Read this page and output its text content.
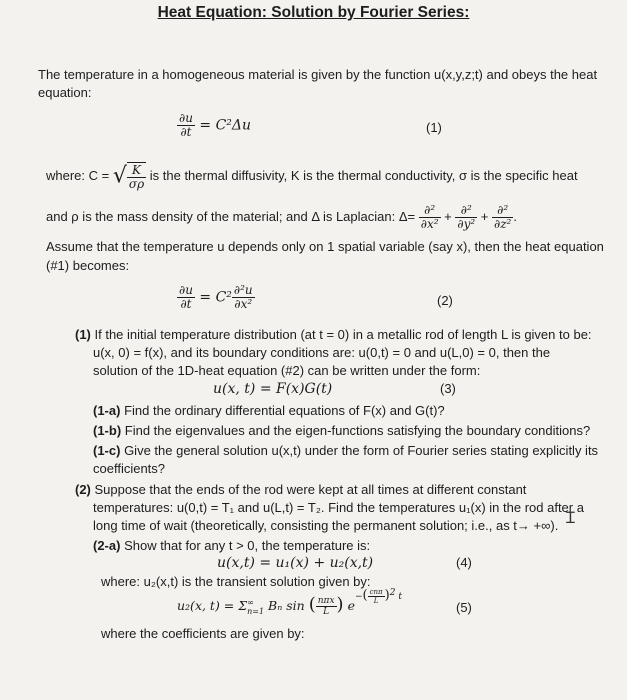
Heat Equation: Solution by Fourier Series:
The temperature in a homogeneous material is given by the function u(x,y,z;t) and obeys the heat
equation:
$\frac{\partial u}{\partial t} = C^2\Delta u$	(1)
where: C = √ $\frac{K}{\sigma\rho}$ is the thermal diffusivity, K is the thermal conductivity, σ is the specific heat
and ρ is the mass density of the material; and Δ is Laplacian: $\Delta= \frac{\text{∂²}}{\text{∂x²}} + \frac{\text{∂²}}{\text{∂y²}} + \frac{\text{∂²}}{\text{∂z²}}$ .
Assume that the temperature u depends only on 1 spatial variable (say x), then the heat equation
(#1) becomes:
$\frac{\partial u}{\partial t} = C^2 \frac{\text{∂²u}}{\text{∂x²}}$	(2)
(1) If the initial temperature distribution (at t = 0) in a metallic rod of length L is given to be:
u(x, 0) = f(x), and its boundary conditions are: u(0,t) = 0 and u(L,0) = 0, then the
solution of the 1D-heat equation (#2) can be written under the form:
u(x, t) = F(x)G(t)	(3)
(1-a) Find the ordinary differential equations of F(x) and G(t)?
(1-b) Find the eigenvalues and the eigen-functions satisfying the boundary conditions?
(1-c) Give the general solution u(x,t) under the form of Fourier series stating explicitly its
coefficients?
(2) Suppose that the ends of the rod were kept at all times at different constant
temperatures: u(0,t) = T₁ and u(L,t) = T₂. Find the temperatures u₁(x) in the rod after a
long time of wait (theoretically, consisting the permanent solution; i.e., as t→ +∞). Ɪ
(2-a) Show that for any t > 0, the temperature is:
u(x,t) = u₁(x) + u₂(x,t)	(4)
where: u₂(x,t) is the transient solution given by:
u₂(x, t) = Σ ∞
n=1 Bₙ sin ( $\frac{\text{nπx}}{L}$ ) $e-( \frac{\text{cnπ}}{L} )^2$ t
(5)
where the coefficients are given by:
